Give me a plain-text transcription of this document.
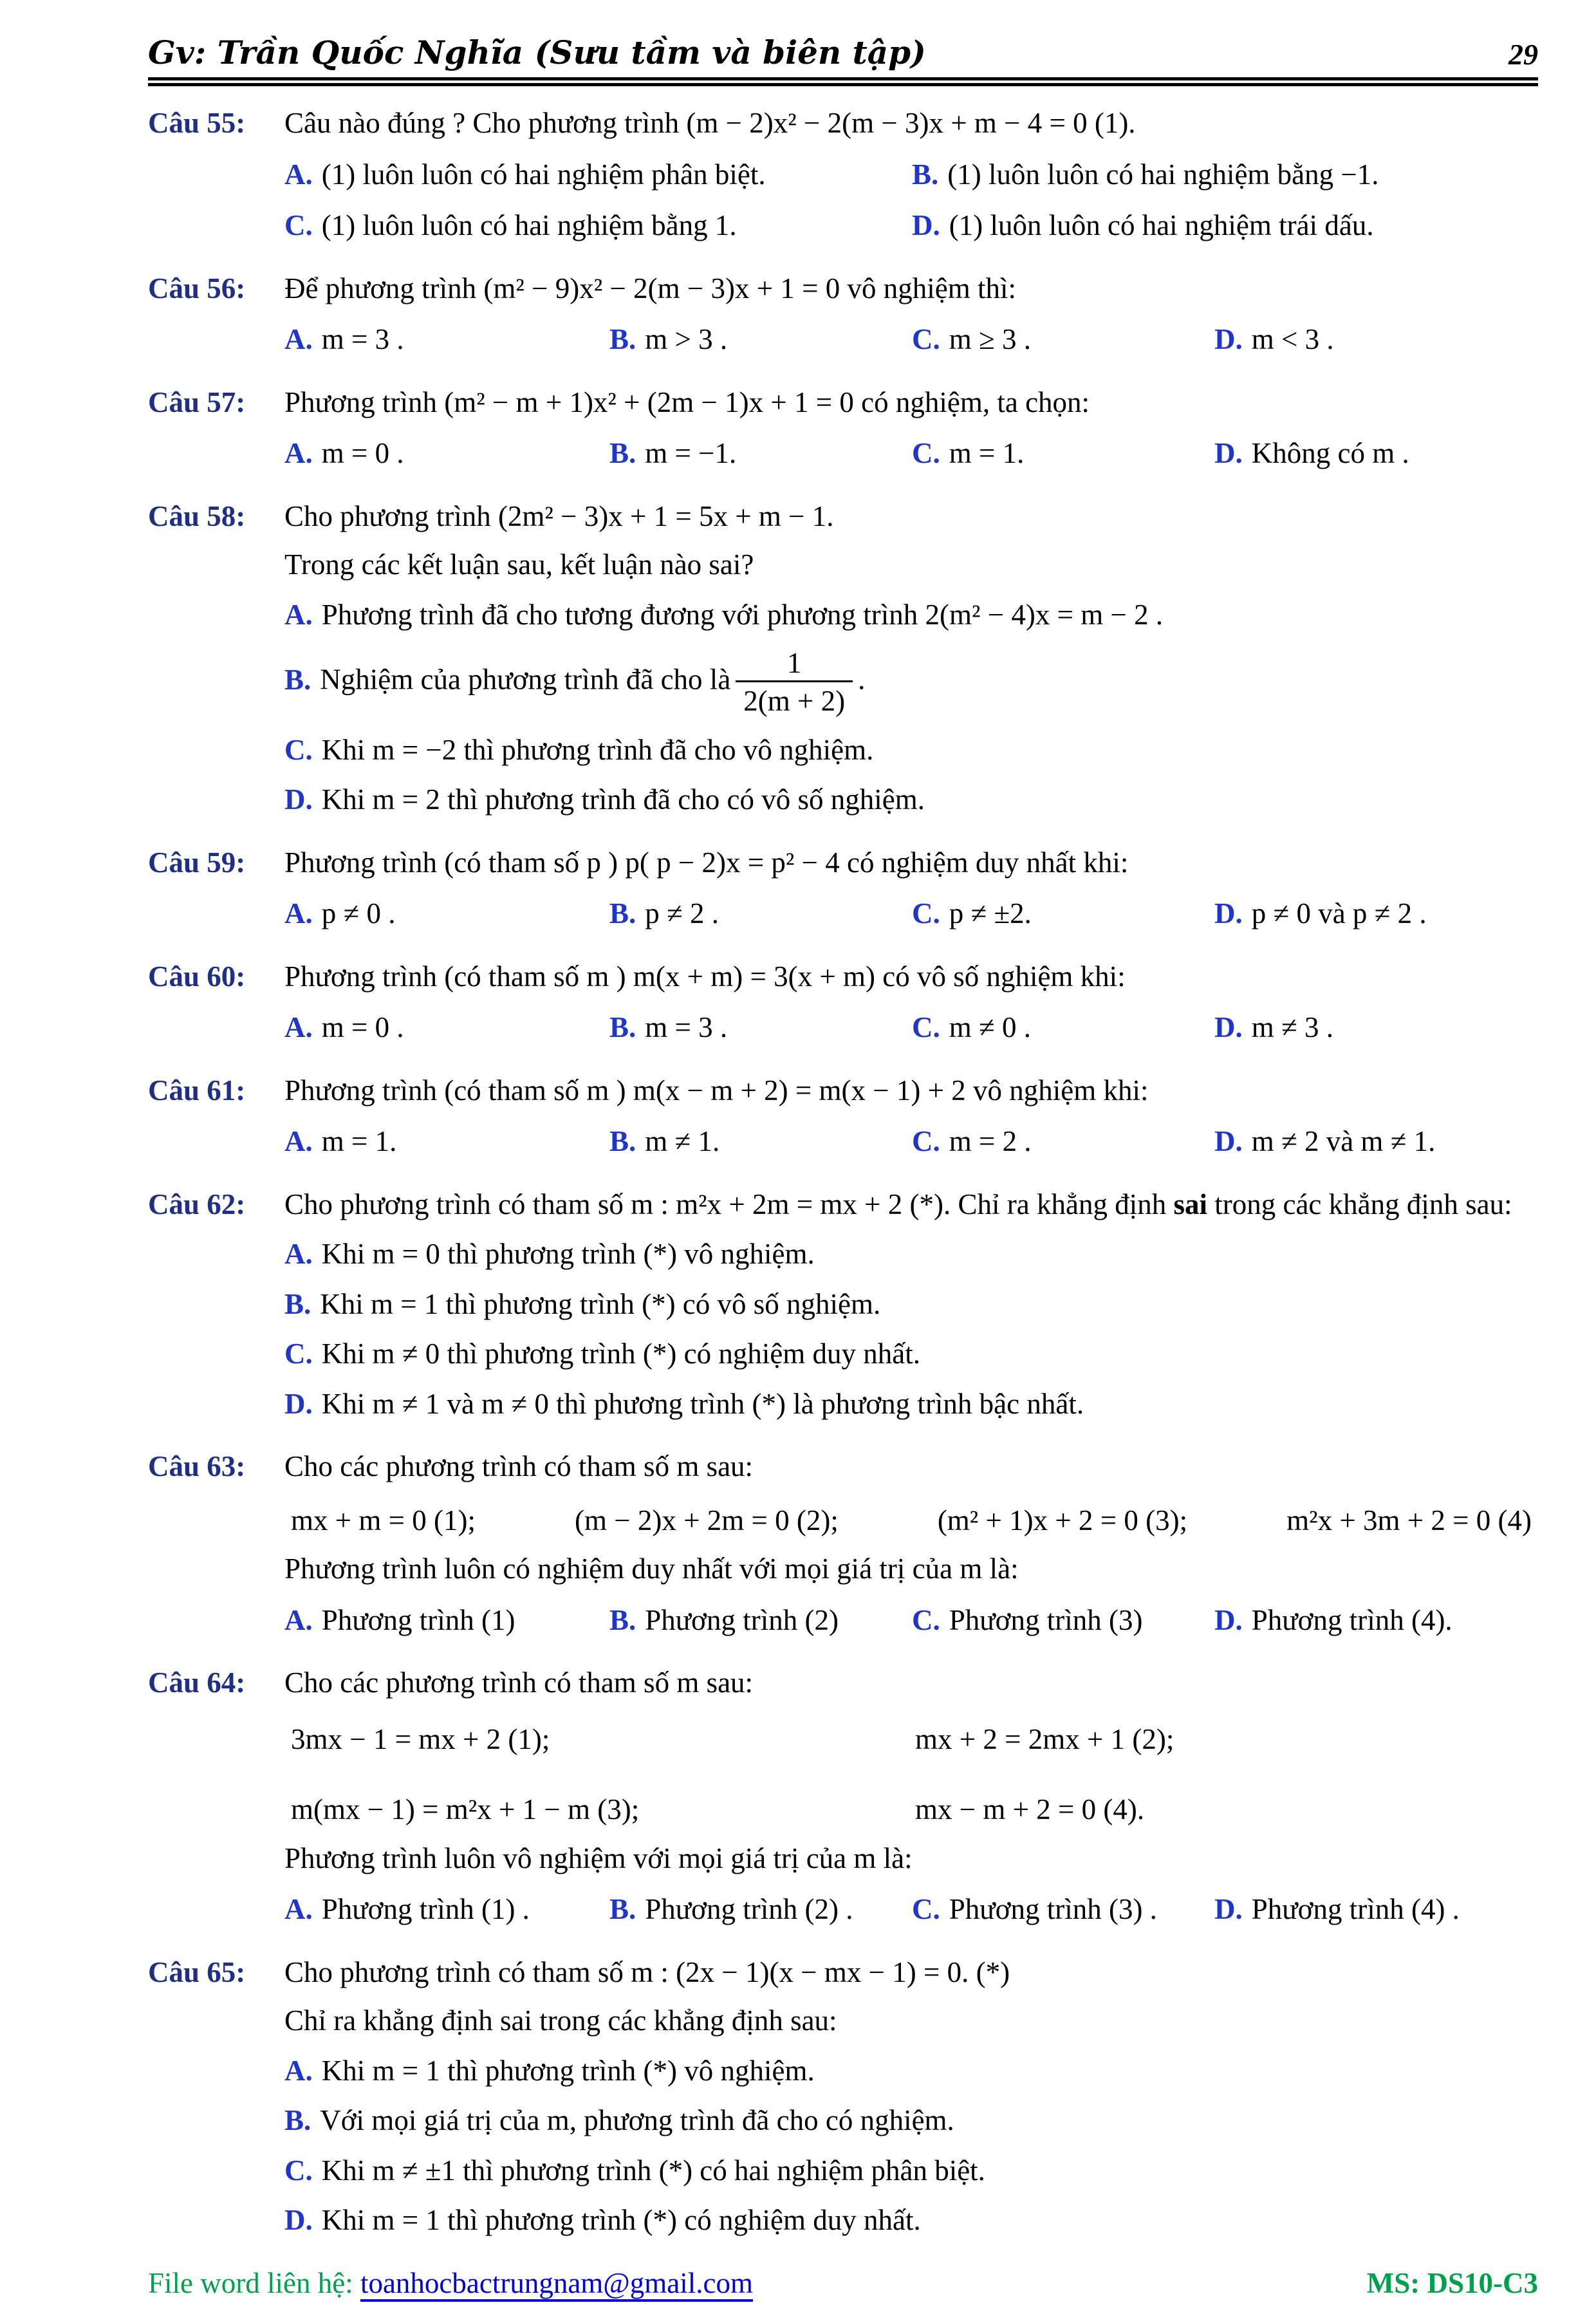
Gv: Trần Quốc Nghĩa (Sưu tầm và biên tập)	29
Câu 55:	Câu nào đúng ? Cho phương trình (m − 2)x² − 2(m − 3)x + m − 4 = 0 (1).

A. (1) luôn luôn có hai nghiệm phân biệt.	B. (1) luôn luôn có hai nghiệm bằng −1.
C. (1) luôn luôn có hai nghiệm bằng 1.	D. (1) luôn luôn có hai nghiệm trái dấu.
Câu 56:	Để phương trình (m² − 9)x² − 2(m − 3)x + 1 = 0 vô nghiệm thì:

A. m = 3 .	B. m > 3 .	C. m ≥ 3 .	D. m < 3 .
Câu 57:	Phương trình (m² − m + 1)x² + (2m − 1)x + 1 = 0 có nghiệm, ta chọn:

A. m = 0 .	B. m = −1.	C. m = 1.	D. Không có m .
Câu 58:	Cho phương trình (2m² − 3)x + 1 = 5x + m − 1.

Trong các kết luận sau, kết luận nào sai?

A. Phương trình đã cho tương đương với phương trình 2(m² − 4)x = m − 2 .
B. Nghiệm của phương trình đã cho là $\frac{1}{2(m + 2)}$ .
C. Khi m = −2 thì phương trình đã cho vô nghiệm.
D. Khi m = 2 thì phương trình đã cho có vô số nghiệm.
Câu 59:	Phương trình (có tham số p ) p( p − 2)x = p² − 4 có nghiệm duy nhất khi:

A. p ≠ 0 .	B. p ≠ 2 .	C. p ≠ ±2.	D. p ≠ 0 và p ≠ 2 .
Câu 60:	Phương trình (có tham số m ) m(x + m) = 3(x + m) có vô số nghiệm khi:

A. m = 0 .	B. m = 3 .	C. m ≠ 0 .	D. m ≠ 3 .
Câu 61:	Phương trình (có tham số m ) m(x − m + 2) = m(x − 1) + 2 vô nghiệm khi:

A. m = 1.	B. m ≠ 1.	C. m = 2 .	D. m ≠ 2 và m ≠ 1.
Câu 62:	Cho phương trình có tham số m : m²x + 2m = mx + 2 (*). Chỉ ra khẳng định sai trong các khẳng định sau:

A. Khi m = 0 thì phương trình (*) vô nghiệm.
B. Khi m = 1 thì phương trình (*) có vô số nghiệm.
C. Khi m ≠ 0 thì phương trình (*) có nghiệm duy nhất.
D. Khi m ≠ 1 và m ≠ 0 thì phương trình (*) là phương trình bậc nhất.
Câu 63:	Cho các phương trình có tham số m sau:

mx + m = 0 (1);	(m − 2)x + 2m = 0 (2);	(m² + 1)x + 2 = 0 (3);	m²x + 3m + 2 = 0 (4)

Phương trình luôn có nghiệm duy nhất với mọi giá trị của m là:

A. Phương trình (1)	B. Phương trình (2)	C. Phương trình (3)	D. Phương trình (4).
Câu 64:	Cho các phương trình có tham số m sau:

3mx − 1 = mx + 2 (1);	mx + 2 = 2mx + 1 (2);
m(mx − 1) = m²x + 1 − m (3);	mx − m + 2 = 0 (4).

Phương trình luôn vô nghiệm với mọi giá trị của m là:

A. Phương trình (1) .	B. Phương trình (2) .	C. Phương trình (3) .	D. Phương trình (4) .
Câu 65:	Cho phương trình có tham số m : (2x − 1)(x − mx − 1) = 0. (*)

Chỉ ra khẳng định sai trong các khẳng định sau:

A. Khi m = 1 thì phương trình (*) vô nghiệm.
B. Với mọi giá trị của m, phương trình đã cho có nghiệm.
C. Khi m ≠ ±1 thì phương trình (*) có hai nghiệm phân biệt.
D. Khi m = 1 thì phương trình (*) có nghiệm duy nhất.
File word liên hệ: toanhocbactrungnam@gmail.com	MS: DS10-C3
